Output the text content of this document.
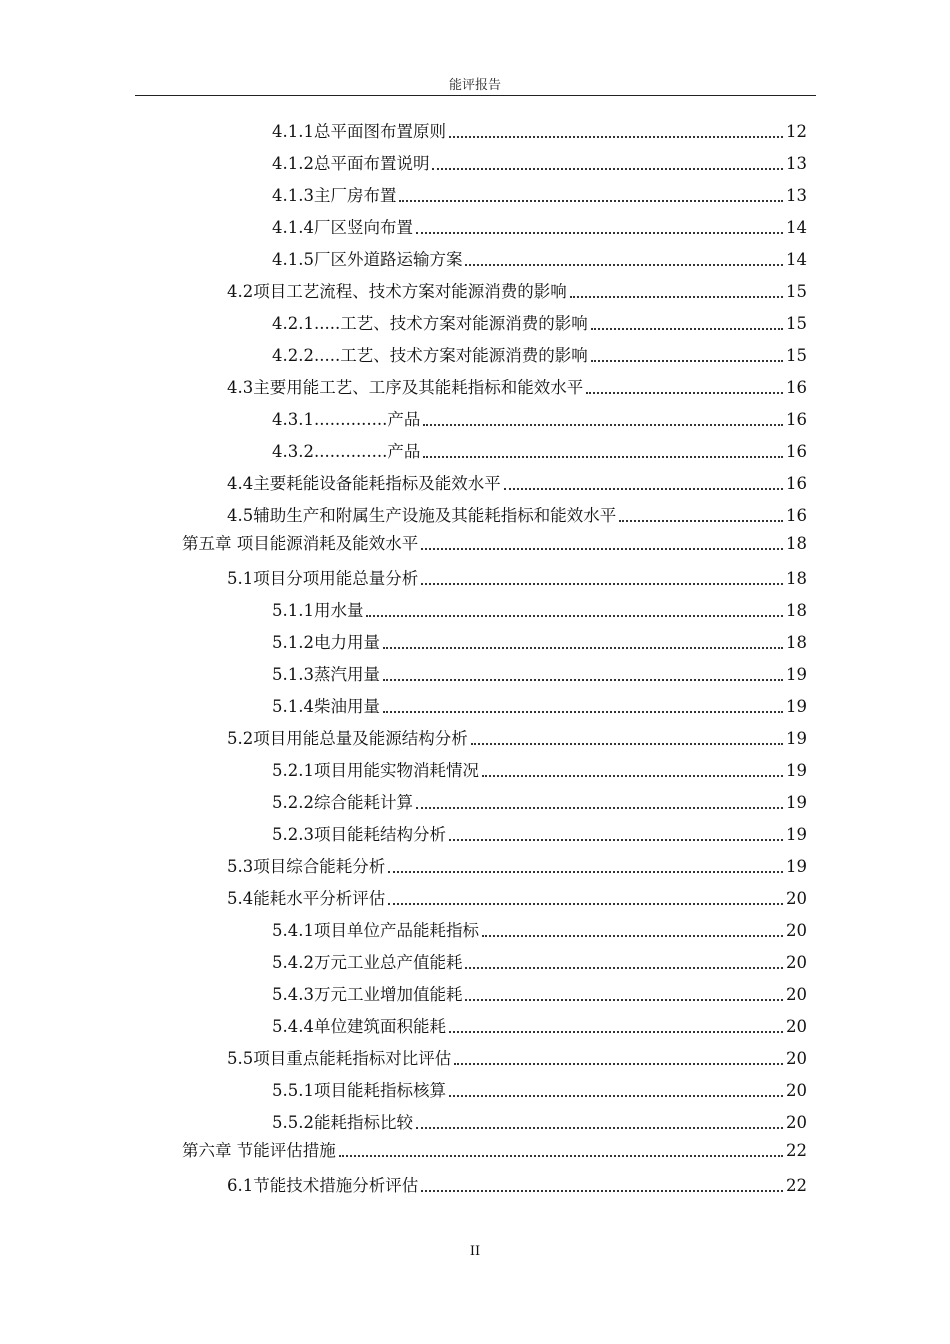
能评报告
4.1.1 总平面图布置原则	12
4.1.2 总平面布置说明	13
4.1.3 主厂房布置	13
4.1.4 厂区竖向布置	14
4.1.5 厂区外道路运输方案	14
4.2 项目工艺流程、技术方案对能源消费的影响	15
4.2.1..... 工艺、技术方案对能源消费的影响	15
4.2.2..... 工艺、技术方案对能源消费的影响	15
4.3 主要用能工艺、工序及其能耗指标和能效水平	16
4.3.1.............. 产品	16
4.3.2.............. 产品	16
4.4 主要耗能设备能耗指标及能效水平	16
4.5 辅助生产和附属生产设施及其能耗指标和能效水平	16
第五章 项目能源消耗及能效水平	18
5.1 项目分项用能总量分析	18
5.1.1 用水量	18
5.1.2 电力用量	18
5.1.3 蒸汽用量	19
5.1.4 柴油用量	19
5.2 项目用能总量及能源结构分析	19
5.2.1 项目用能实物消耗情况	19
5.2.2 综合能耗计算	19
5.2.3 项目能耗结构分析	19
5.3 项目综合能耗分析	19
5.4 能耗水平分析评估	20
5.4.1 项目单位产品能耗指标	20
5.4.2 万元工业总产值能耗	20
5.4.3 万元工业增加值能耗	20
5.4.4 单位建筑面积能耗	20
5.5 项目重点能耗指标对比评估	20
5.5.1 项目能耗指标核算	20
5.5.2 能耗指标比较	20
第六章 节能评估措施	22
6.1 节能技术措施分析评估	22
II
